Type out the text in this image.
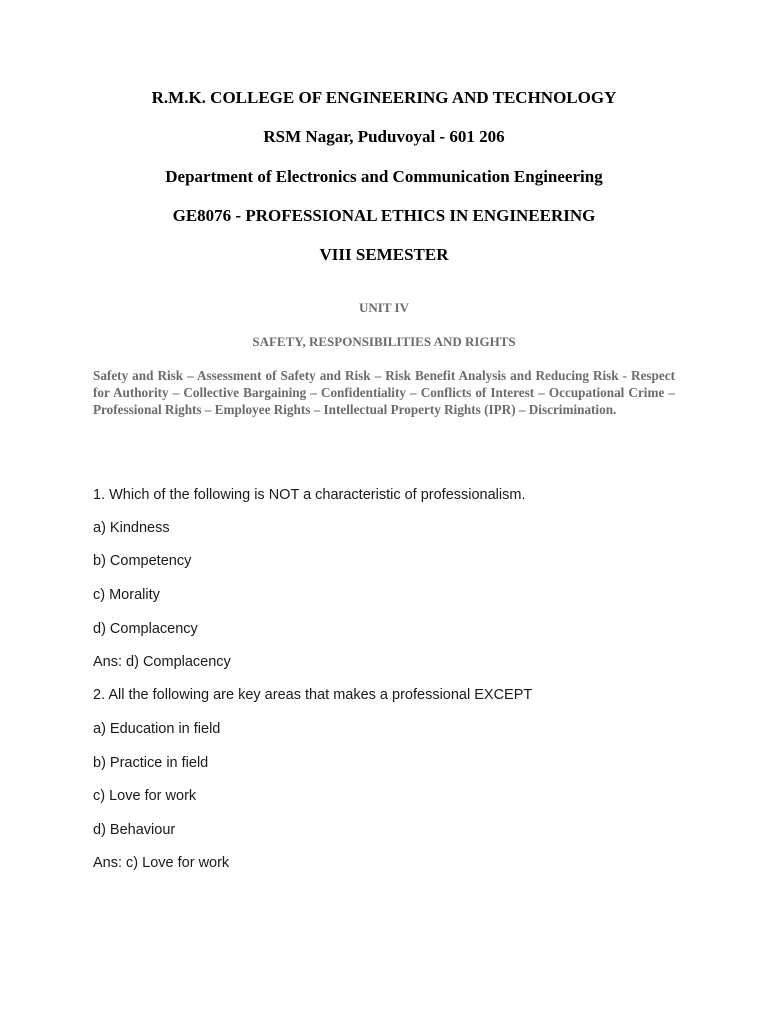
R.M.K. COLLEGE OF ENGINEERING AND TECHNOLOGY
RSM Nagar, Puduvoyal - 601 206
Department of Electronics and Communication Engineering
GE8076 - PROFESSIONAL ETHICS IN ENGINEERING
VIII SEMESTER
UNIT IV
SAFETY, RESPONSIBILITIES AND RIGHTS

Safety and Risk – Assessment of Safety and Risk – Risk Benefit Analysis and Reducing Risk - Respect for Authority – Collective Bargaining – Confidentiality – Conflicts of Interest – Occupational Crime – Professional Rights – Employee Rights – Intellectual Property Rights (IPR) – Discrimination.

1. Which of the following is NOT a characteristic of professionalism.
a) Kindness
b) Competency
c) Morality
d) Complacency
Ans: d) Complacency
2. All the following are key areas that makes a professional EXCEPT
a) Education in field
b) Practice in field
c) Love for work
d) Behaviour
Ans: c) Love for work
